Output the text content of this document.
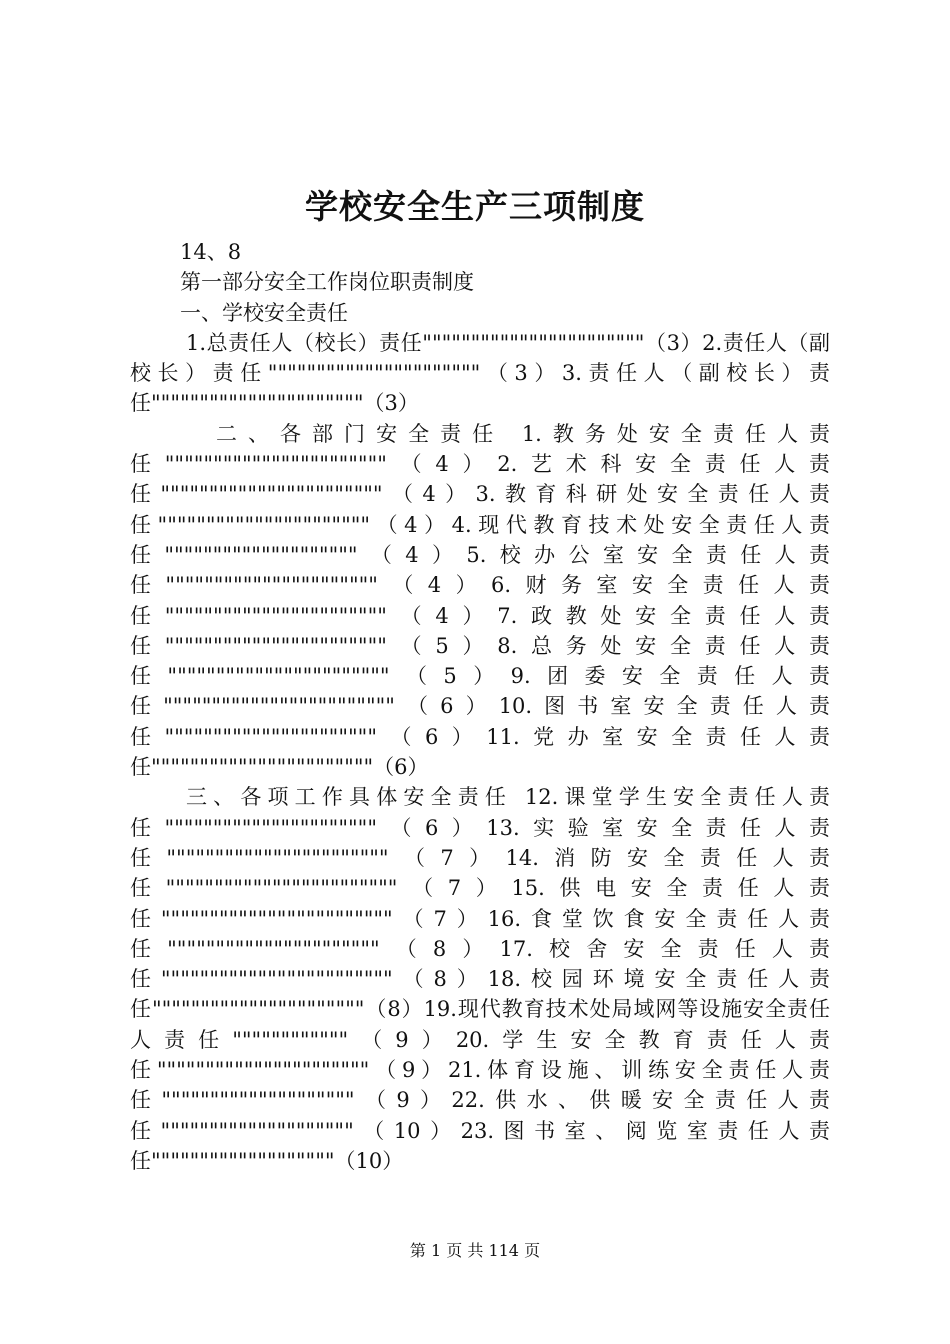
学校安全生产三项制度

14、8

第一部分安全工作岗位职责制度

一、学校安全责任

1.总责任人（校长）责任"""""""""""""""""""""""（3）2.责任人（副校长）责任""""""""""""""""""""""（3）3.责任人（副校长）责任""""""""""""""""""""""（3）

二、各部门安全责任 1.教务处安全责任人责任"""""""""""""""""""""""（4）2.艺术科安全责任人责任"""""""""""""""""""""""（4）3.教育科研处安全责任人责任""""""""""""""""""""""（4）4.现代教育技术处安全责任人责任""""""""""""""""""""（4）5.校办公室安全责任人责任""""""""""""""""""""""（4）6.财务室安全责任人责任"""""""""""""""""""""""（4）7.政教处安全责任人责任"""""""""""""""""""""""（5）8.总务处安全责任人责任"""""""""""""""""""""""（5）9.团委安全责任人责任""""""""""""""""""""""""（6）10.图书室安全责任人责任""""""""""""""""""""""（6）11.党办室安全责任人责任"""""""""""""""""""""""（6）

三、各项工作具体安全责任 12.课堂学生安全责任人责任""""""""""""""""""""""（6）13.实验室安全责任人责任"""""""""""""""""""""""（7）14.消防安全责任人责任""""""""""""""""""""""""（7）15.供电安全责任人责任""""""""""""""""""""""""（7）16.食堂饮食安全责任人责任""""""""""""""""""""""（8）17.校舍安全责任人责任""""""""""""""""""""""""（8）18.校园环境安全责任人责任""""""""""""""""""""""（8）19.现代教育技术处局域网等设施安全责任人责任""""""""""""（9）20.学生安全教育责任人责任""""""""""""""""""""""（9）21.体育设施、训练安全责任人责任""""""""""""""""""""（9）22.供水、供暖安全责任人责任""""""""""""""""""""（10）23.图书室、阅览室责任人责任"""""""""""""""""""（10）

第 1 页 共 114 页
